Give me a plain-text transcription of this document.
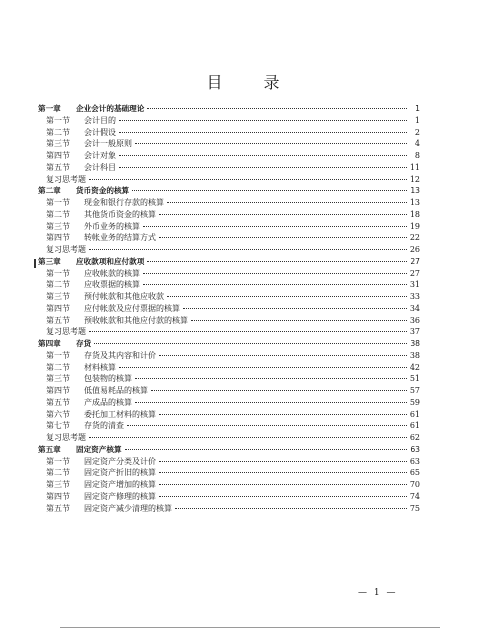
目 录
第一章	企业会计的基础理论	1
第一节	会计目的	1
第二节	会计假设	2
第三节	会计一般原则	4
第四节	会计对象	8
第五节	会计科目	11
复习思考题	12
第二章	货币资金的核算	13
第一节	现金和银行存款的核算	13
第二节	其他货币资金的核算	18
第三节	外币业务的核算	19
第四节	转帐业务的结算方式	22
复习思考题	26
第三章	应收款项和应付款项	27
第一节	应收帐款的核算	27
第二节	应收票据的核算	31
第三节	预付帐款和其他应收款	33
第四节	应付帐款及应付票据的核算	34
第五节	预收帐款和其他应付款的核算	36
复习思考题	37
第四章	存货	38
第一节	存货及其内容和计价	38
第二节	材料核算	42
第三节	包装物的核算	51
第四节	低值易耗品的核算	57
第五节	产成品的核算	59
第六节	委托加工材料的核算	61
第七节	存货的清查	61
复习思考题	62
第五章	固定资产核算	63
第一节	固定资产分类及计价	63
第二节	固定资产折旧的核算	65
第三节	固定资产增加的核算	70
第四节	固定资产修理的核算	74
第五节	固定资产减少清理的核算	75
— 1 —
